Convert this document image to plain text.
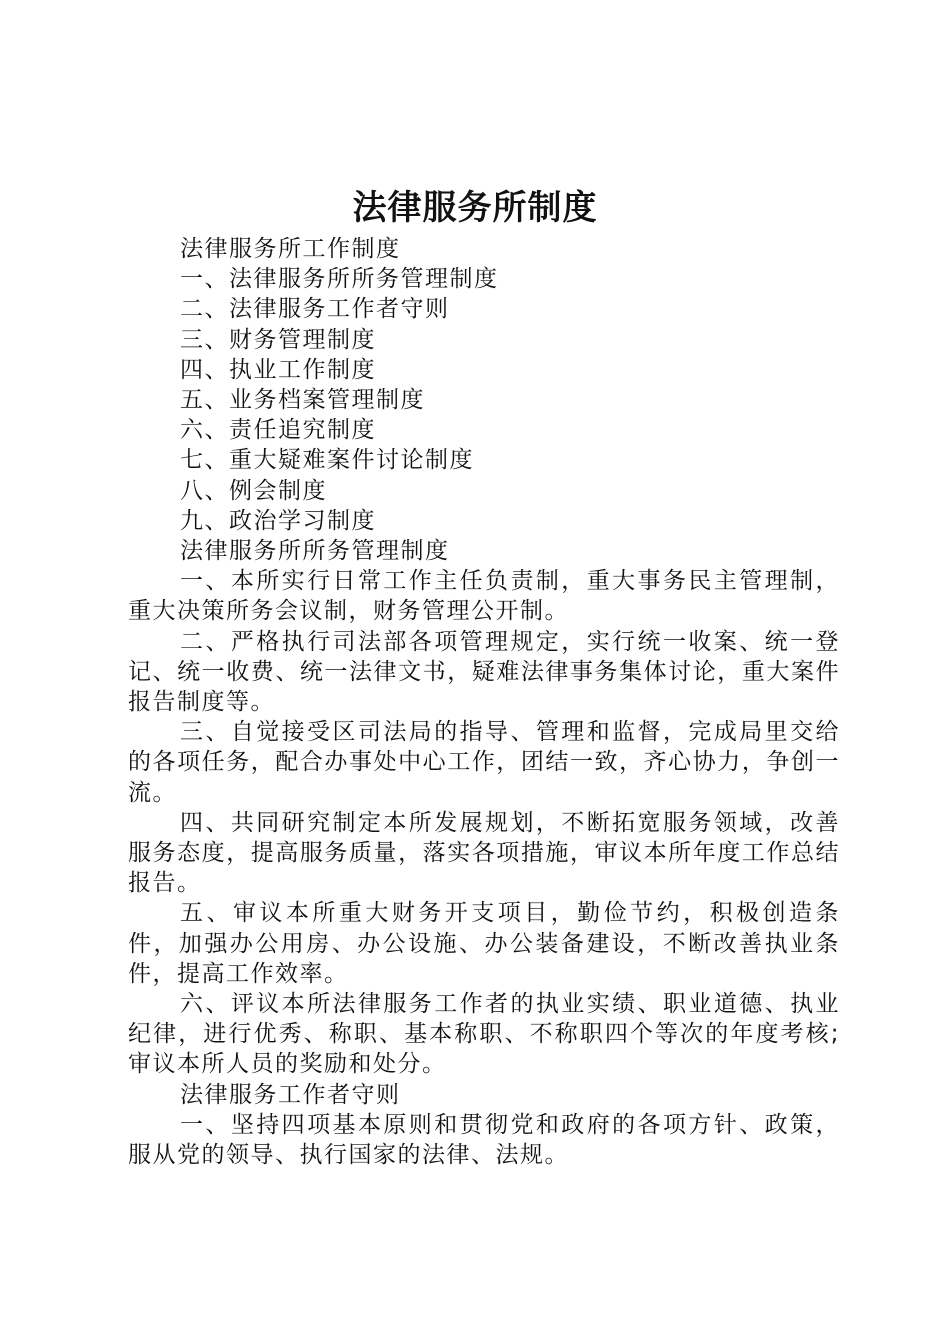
法律服务所制度

法律服务所工作制度

一、法律服务所所务管理制度

二、法律服务工作者守则

三、财务管理制度

四、执业工作制度

五、业务档案管理制度

六、责任追究制度

七、重大疑难案件讨论制度

八、例会制度

九、政治学习制度

法律服务所所务管理制度

一、本所实行日常工作主任负责制，重大事务民主管理制，重大决策所务会议制，财务管理公开制。

二、严格执行司法部各项管理规定，实行统一收案、统一登记、统一收费、统一法律文书，疑难法律事务集体讨论，重大案件报告制度等。

三、自觉接受区司法局的指导、管理和监督，完成局里交给的各项任务，配合办事处中心工作，团结一致，齐心协力，争创一流。

四、共同研究制定本所发展规划，不断拓宽服务领域，改善服务态度，提高服务质量，落实各项措施，审议本所年度工作总结报告。

五、审议本所重大财务开支项目，勤俭节约，积极创造条件，加强办公用房、办公设施、办公装备建设，不断改善执业条件，提高工作效率。

六、评议本所法律服务工作者的执业实绩、职业道德、执业纪律，进行优秀、称职、基本称职、不称职四个等次的年度考核;审议本所人员的奖励和处分。

法律服务工作者守则

一、坚持四项基本原则和贯彻党和政府的各项方针、政策，服从党的领导、执行国家的法律、法规。
